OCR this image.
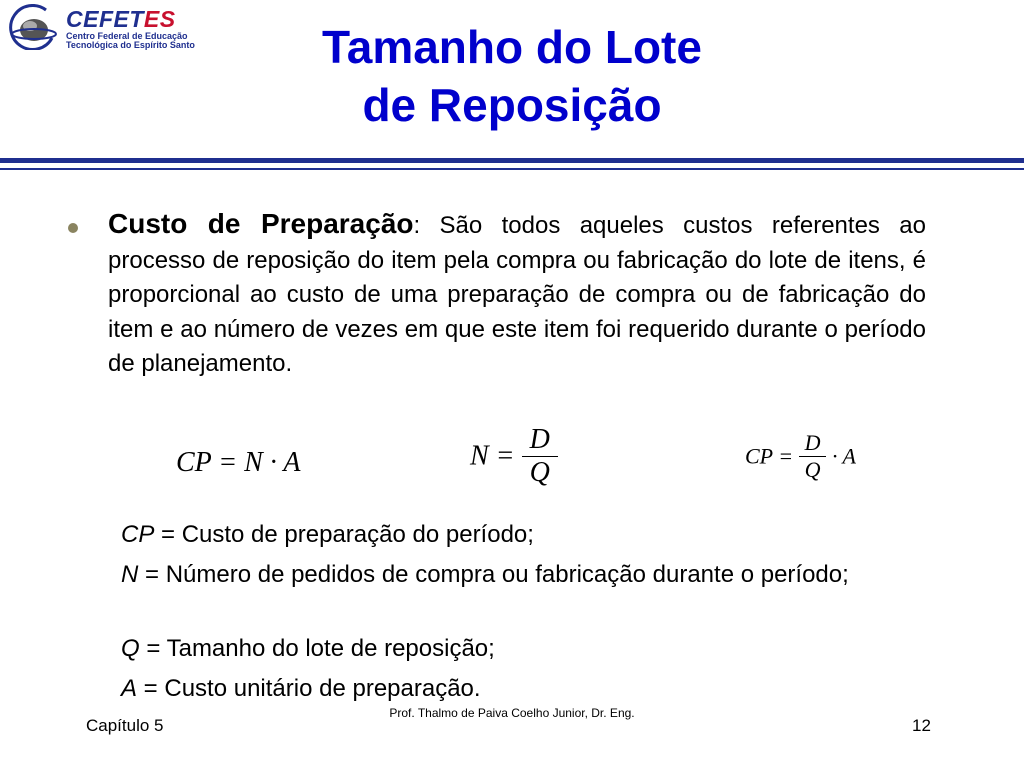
CEFETES
Centro Federal de Educação
Tecnológica do Espírito Santo	Tamanho do Lote
de Reposição
Custo de Preparação: São todos aqueles custos referentes ao processo de reposição do item pela compra ou fabricação do lote de itens, é proporcional ao custo de uma preparação de compra ou de fabricação do item e ao número de vezes em que este item foi requerido durante o período de planejamento.
CP = N · A	$N = \frac{D}{Q}$	CP = $\frac{D}{Q} \cdot A$
CP = Custo de preparação do período;
N = Número de pedidos de compra ou fabricação durante o período;
Q = Tamanho do lote de reposição;
A = Custo unitário de preparação.
Capítulo 5
Prof. Thalmo de Paiva Coelho Junior, Dr. Eng.
12
